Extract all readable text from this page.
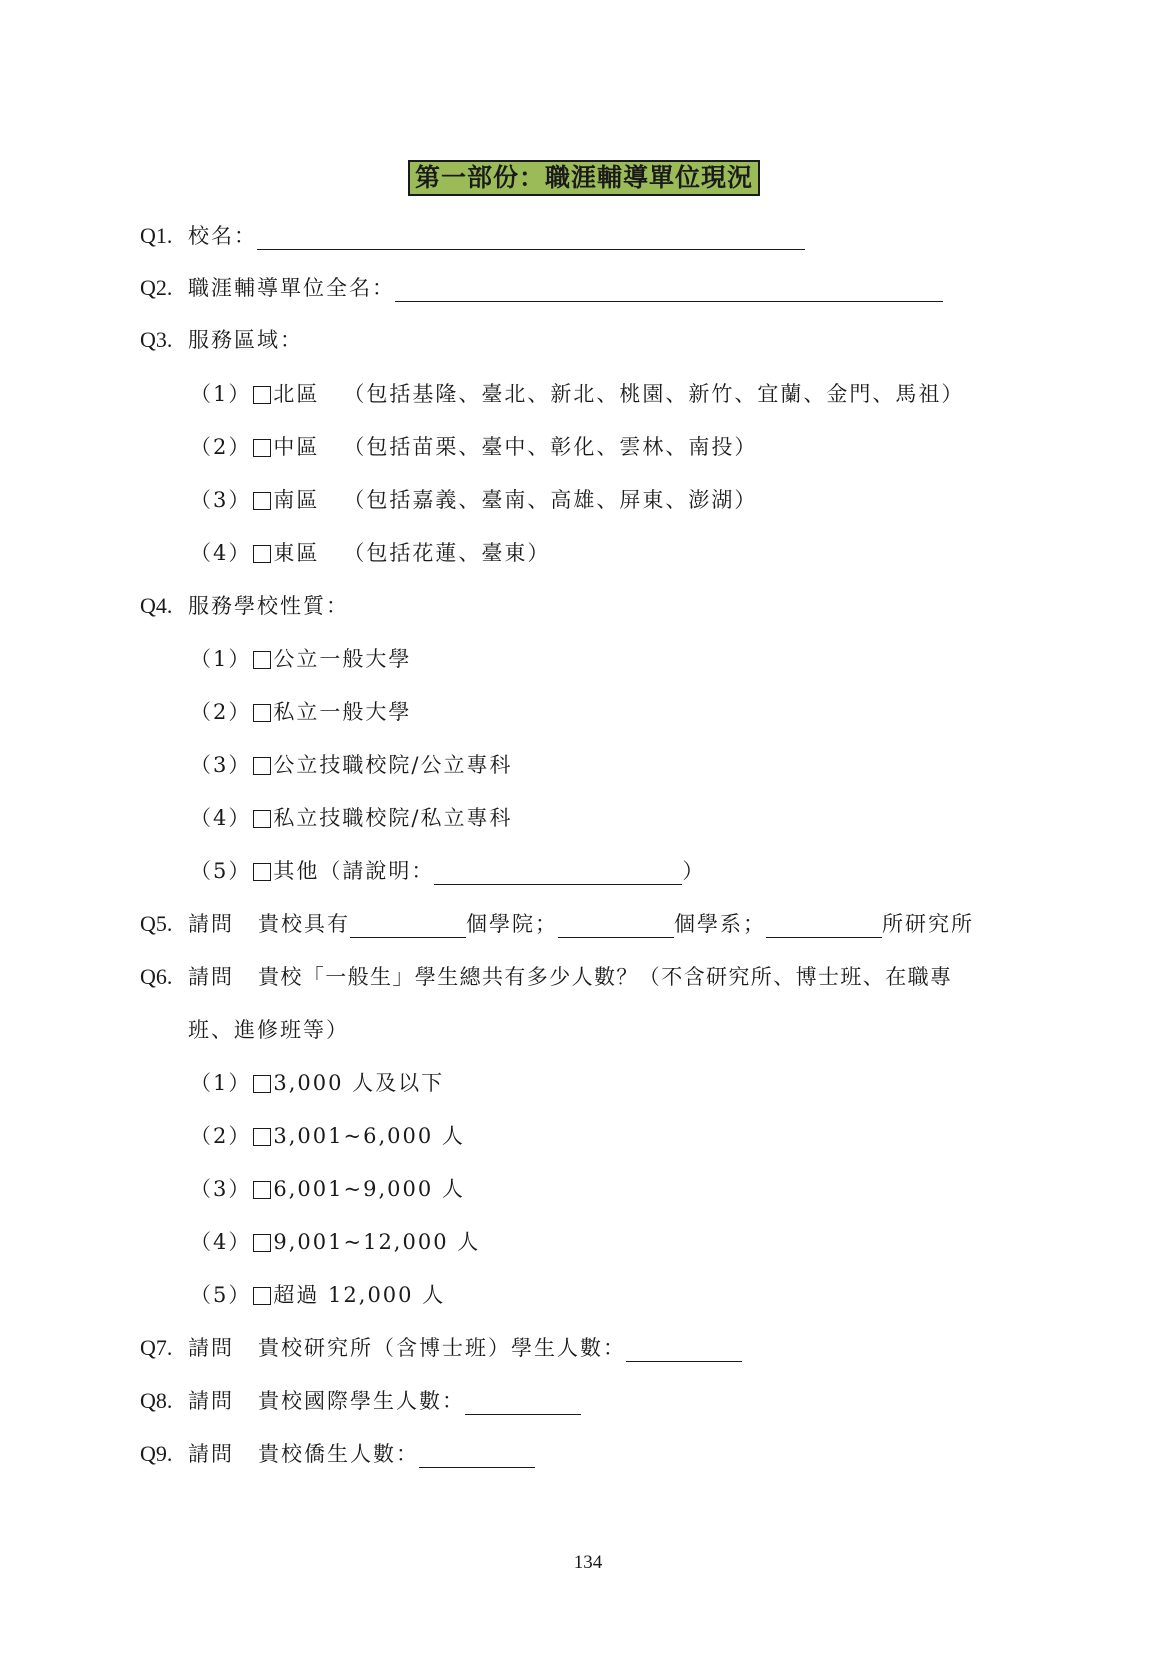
第一部份：職涯輔導單位現況
Q1. 校名：
Q2. 職涯輔導單位全名：
Q3. 服務區域：
（1） 北區 （包括基隆、臺北、新北、桃園、新竹、宜蘭、金門、馬祖）
（2） 中區 （包括苗栗、臺中、彰化、雲林、南投）
（3） 南區 （包括嘉義、臺南、高雄、屏東、澎湖）
（4） 東區 （包括花蓮、臺東）
Q4. 服務學校性質：
（1） 公立一般大學
（2） 私立一般大學
（3） 公立技職校院/公立專科
（4） 私立技職校院/私立專科
（5） 其他（請說明：	）
Q5. 請問 貴校具有	個學院；	個學系；	所研究所
Q6. 請問 貴校「一般生」學生總共有多少人數？（不含研究所、博士班、在職專
班、進修班等）
（1） 3,000 人及以下
（2） 3,001~6,000 人
（3） 6,001~9,000 人
（4） 9,001~12,000 人
（5） 超過 12,000 人
Q7. 請問 貴校研究所（含博士班）學生人數：
Q8. 請問 貴校國際學生人數：
Q9. 請問 貴校僑生人數：
134
